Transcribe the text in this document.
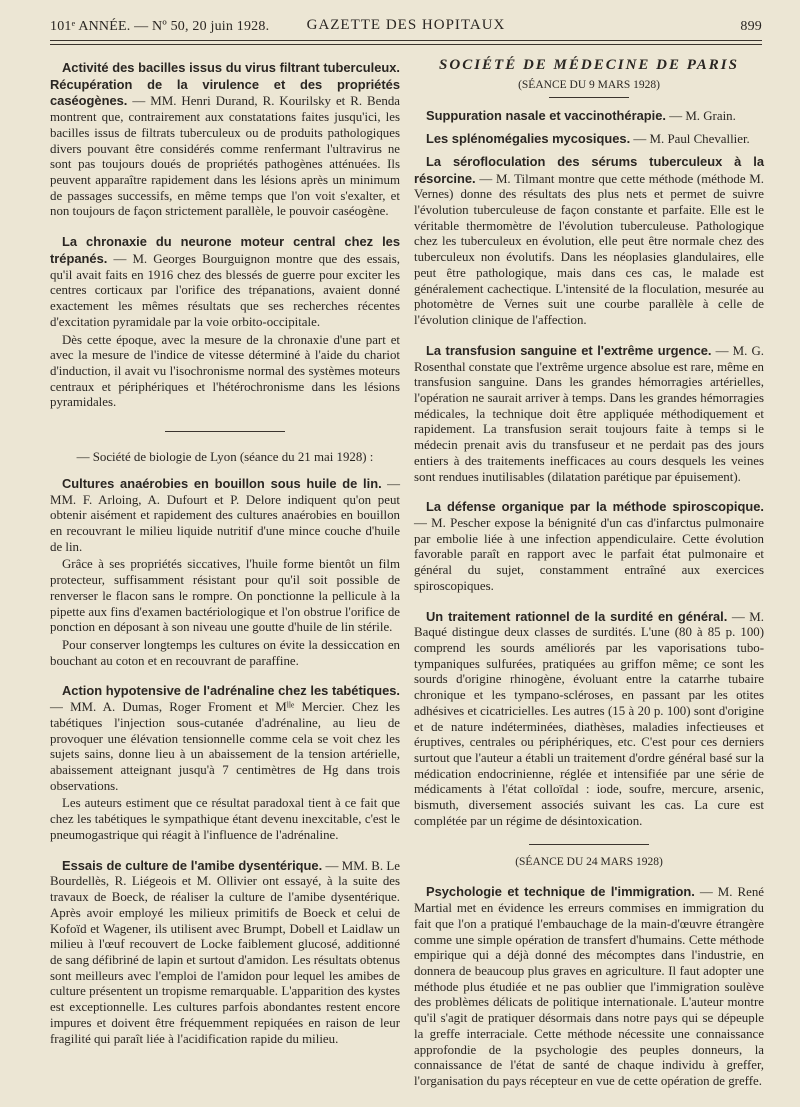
101ᵉ ANNÉE. — Nº 50, 20 juin 1928.	GAZETTE DES HOPITAUX	899

Activité des bacilles issus du virus filtrant tuberculeux. Récupération de la virulence et des propriétés caséogènes. — MM. Henri Durand, R. Kourilsky et R. Benda montrent que, contrairement aux constatations faites jusqu'ici, les bacilles issus de filtrats tuberculeux ou de produits pathologiques divers pouvant être considérés comme renfermant l'ultravirus ne sont pas toujours doués de propriétés pathogènes atténuées. Ils peuvent apparaître rapidement dans les lésions après un minimum de passages successifs, en même temps que l'on voit s'exalter, et non toujours de façon strictement parallèle, le pouvoir caséogène.

La chronaxie du neurone moteur central chez les trépanés. — M. Georges Bourguignon montre que des essais, qu'il avait faits en 1916 chez des blessés de guerre pour exciter les centres corticaux par l'orifice des trépanations, avaient donné exactement les mêmes résultats que ses recherches récentes d'excitation pyramidale par la voie orbito-occipitale.

Dès cette époque, avec la mesure de la chronaxie d'une part et avec la mesure de l'indice de vitesse déterminé à l'aide du chariot d'induction, il avait vu l'isochronisme normal des systèmes moteurs centraux et périphériques et l'hétérochronisme dans les lésions pyramidales.

— Société de biologie de Lyon (séance du 21 mai 1928) :

Cultures anaérobies en bouillon sous huile de lin. — MM. F. Arloing, A. Dufourt et P. Delore indiquent qu'on peut obtenir aisément et rapidement des cultures anaérobies en bouillon en recouvrant le milieu liquide nutritif d'une mince couche d'huile de lin.

Grâce à ses propriétés siccatives, l'huile forme bientôt un film protecteur, suffisamment résistant pour qu'il soit possible de renverser le flacon sans le rompre. On ponctionne la pellicule à la pipette aux fins d'examen bactériologique et l'on obstrue l'orifice de ponction en déposant à son niveau une goutte d'huile de lin stérile.

Pour conserver longtemps les cultures on évite la dessiccation en bouchant au coton et en recouvrant de paraffine.

Action hypotensive de l'adrénaline chez les tabétiques. — MM. A. Dumas, Roger Froment et Mˡˡᵉ Mercier. Chez les tabétiques l'injection sous-cutanée d'adrénaline, au lieu de provoquer une élévation tensionnelle comme cela se voit chez les sujets sains, donne lieu à un abaissement de la tension artérielle, abaissement atteignant jusqu'à 7 centimètres de Hg dans trois observations.

Les auteurs estiment que ce résultat paradoxal tient à ce fait que chez les tabétiques le sympathique étant devenu inexcitable, c'est le pneumogastrique qui réagit à l'influence de l'adrénaline.

Essais de culture de l'amibe dysentérique. — MM. B. Le Bourdellès, R. Liégeois et M. Ollivier ont essayé, à la suite des travaux de Boeck, de réaliser la culture de l'amibe dysentérique. Après avoir employé les milieux primitifs de Boeck et celui de Kofoïd et Wagener, ils utilisent avec Brumpt, Dobell et Laidlaw un milieu à l'œuf recouvert de Locke faiblement glucosé, additionné de sang défibriné de lapin et surtout d'amidon. Les résultats obtenus sont meilleurs avec l'emploi de l'amidon pour lequel les amibes de culture présentent un tropisme remarquable. L'apparition des kystes est exceptionnelle. Les cultures parfois abondantes restent encore impures et doivent être fréquemment repiquées en raison de leur fragilité qui paraît liée à l'acidification rapide du milieu.

SOCIÉTÉ DE MÉDECINE DE PARIS
(SÉANCE DU 9 MARS 1928)

Suppuration nasale et vaccinothérapie. — M. Grain.

Les splénomégalies mycosiques. — M. Paul Chevallier.

La sérofloculation des sérums tuberculeux à la résorcine. — M. Tilmant montre que cette méthode (méthode M. Vernes) donne des résultats des plus nets et permet de suivre l'évolution tuberculeuse de façon constante et parfaite. Elle est le véritable thermomètre de l'évolution tuberculeuse. Pathologique chez les tuberculeux en évolution, elle peut être normale chez des tuberculeux non évolutifs. Dans les néoplasies glandulaires, elle peut être pathologique, mais dans ces cas, le malade est généralement cachectique. L'intensité de la floculation, mesurée au photomètre de Vernes suit une courbe parallèle à celle de l'évolution clinique de l'affection.

La transfusion sanguine et l'extrême urgence. — M. G. Rosenthal constate que l'extrême urgence absolue est rare, même en transfusion sanguine. Dans les grandes hémorragies artérielles, l'opération ne saurait arriver à temps. Dans les grandes hémorragies médicales, la technique doit être appliquée méthodiquement et rapidement. La transfusion serait toujours faite à temps si le médecin prenait avis du transfuseur et ne perdait pas des jours entiers à des traitements inefficaces au cours desquels les veines sont rendues inutilisables (dilatation parétique par épuisement).

La défense organique par la méthode spiroscopique. — M. Pescher expose la bénignité d'un cas d'infarctus pulmonaire par embolie liée à une infection appendiculaire. Cette évolution favorable paraît en rapport avec le parfait état pulmonaire et général du sujet, constamment entraîné aux exercices spiroscopiques.

Un traitement rationnel de la surdité en général. — M. Baqué distingue deux classes de surdités. L'une (80 à 85 p. 100) comprend les sourds améliorés par les vaporisations tubo-tympaniques sulfurées, pratiquées au griffon même; ce sont les sourds d'origine rhinogène, évoluant entre la catarrhe tubaire chronique et les tympano-scléroses, en passant par les otites adhésives et cicatricielles. Les autres (15 à 20 p. 100) sont d'origine et de nature indéterminées, diathèses, maladies infectieuses et éruptives, centrales ou périphériques, etc. C'est pour ces derniers surtout que l'auteur a établi un traitement d'ordre général basé sur la médication endocrinienne, réglée et intensifiée par une série de médicaments à l'état colloïdal : iode, soufre, mercure, arsenic, bismuth, diversement associés suivant les cas. La cure est complétée par un régime de désintoxication.

(SÉANCE DU 24 MARS 1928)

Psychologie et technique de l'immigration. — M. René Martial met en évidence les erreurs commises en immigration du fait que l'on a pratiqué l'embauchage de la main-d'œuvre étrangère comme une simple opération de transfert d'humains. Cette méthode empirique qui a déjà donné des mécomptes dans l'industrie, en donnera de beaucoup plus graves en agriculture. Il faut adopter une méthode plus étudiée et ne pas oublier que l'immigration soulève des problèmes délicats de politique internationale. L'auteur montre qu'il s'agit de pratiquer désormais dans notre pays qui se dépeuple la greffe interraciale. Cette méthode nécessite une connaissance approfondie de la psychologie des peuples donneurs, la connaissance de l'état de santé de chaque individu à greffer, l'organisation du pays récepteur en vue de cette opération de greffe.
